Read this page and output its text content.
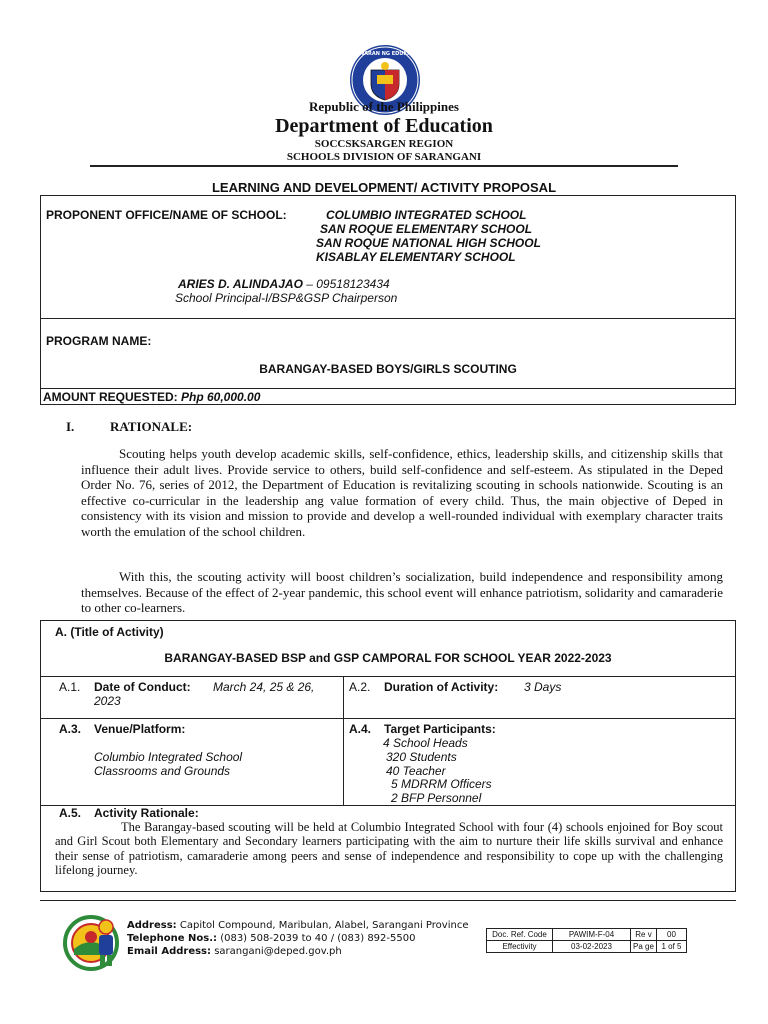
KAGAWARAN NG EDUKASYON
Republic of the Philippines
Department of Education
SOCCSKSARGEN REGION
SCHOOLS DIVISION OF SARANGANI
LEARNING AND DEVELOPMENT/ ACTIVITY PROPOSAL
PROPONENT OFFICE/NAME OF SCHOOL:	COLUMBIO INTEGRATED SCHOOL
SAN ROQUE ELEMENTARY SCHOOL
SAN ROQUE NATIONAL HIGH SCHOOL
KISABLAY ELEMENTARY SCHOOL
ARIES D. ALINDAJAO – 09518123434
School Principal-I/BSP&GSP Chairperson
PROGRAM NAME:
BARANGAY-BASED BOYS/GIRLS SCOUTING
AMOUNT REQUESTED: Php 60,000.00
I.	RATIONALE:

Scouting helps youth develop academic skills, self-confidence, ethics, leadership skills, and citizenship skills that influence their adult lives. Provide service to others, build self-confidence and self-esteem. As stipulated in the Deped Order No. 76, series of 2012, the Department of Education is revitalizing scouting in schools nationwide. Scouting is an effective co-curricular in the leadership ang value formation of every child. Thus, the main objective of Deped in consistency with its vision and mission to provide and develop a well-rounded individual with exemplary character traits worth the emulation of the school children.

With this, the scouting activity will boost children’s socialization, build independence and responsibility among themselves. Because of the effect of 2-year pandemic, this school event will enhance patriotism, solidarity and camaraderie to other co-learners.

A. (Title of Activity)
BARANGAY-BASED BSP and GSP CAMPORAL FOR SCHOOL YEAR 2022-2023
A.1. Date of Conduct: March 24, 25 & 26,
2023
A.2. Duration of Activity: 3 Days
A.3. Venue/Platform:
Columbio Integrated School
Classrooms and Grounds
A.4. Target Participants:
4 School Heads
320 Students
40 Teacher
5 MDRRM Officers
2 BFP Personnel
A.5. Activity Rationale:

The Barangay-based scouting will be held at Columbio Integrated School with four (4) schools enjoined for Boy scout and Girl Scout both Elementary and Secondary learners participating with the aim to nurture their life skills survival and enhance their sense of patriotism, camaraderie among peers and sense of independence and responsibility to cope up with the challenging lifelong journey.

Address: Capitol Compound, Maribulan, Alabel, Sarangani Province
Telephone Nos.: (083) 508-2039 to 40 / (083) 892-5500
Email Address: sarangani@deped.gov.ph
Doc. Ref. Code	PAWIM-F-04	Re v	00
Effectivity	03-02-2023	Pa ge	1 of 5
